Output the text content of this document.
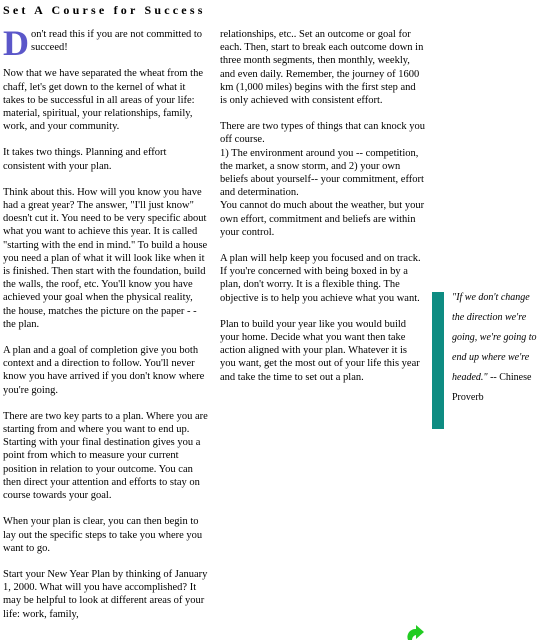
Set A Course for Success

Don't read this if you are not committed to succeed!

Now that we have separated the wheat from the chaff, let's get down to the kernel of what it takes to be successful in all areas of your life: material, spiritual, your relationships, family, work, and your community.

It takes two things. Planning and effort consistent with your plan.

Think about this. How will you know you have had a great year? The answer, "I'll just know" doesn't cut it. You need to be very specific about what you want to achieve this year. It is called "starting with the end in mind." To build a house you need a plan of what it will look like when it is finished. Then start with the foundation, build the walls, the roof, etc. You'll know you have achieved your goal when the physical reality, the house, matches the picture on the paper - - the plan.

A plan and a goal of completion give you both context and a direction to follow. You'll never know you have arrived if you don't know where you're going.

There are two key parts to a plan. Where you are starting from and where you want to end up. Starting with your final destination gives you a point from which to measure your current position in relation to your outcome. You can then direct your attention and efforts to stay on course towards your goal.

When your plan is clear, you can then begin to lay out the specific steps to take you where you want to go.

Start your New Year Plan by thinking of January 1, 2000. What will you have accomplished? It may be helpful to look at different areas of your life: work, family,

relationships, etc.. Set an outcome or goal for each. Then, start to break each outcome down in three month segments, then monthly, weekly, and even daily. Remember, the journey of 1600 km (1,000 miles) begins with the first step and is only achieved with consistent effort.

There are two types of things that can knock you off course.
1) The environment around you -- competition, the market, a snow storm, and 2) your own beliefs about yourself-- your commitment, effort and determination.
You cannot do much about the weather, but your own effort, commitment and beliefs are within your control.

A plan will help keep you focused and on track. If you're concerned with being boxed in by a plan, don't worry. It is a flexible thing. The objective is to help you achieve what you want.

Plan to build your year like you would build your home. Decide what you want then take action aligned with your plan. Whatever it is you want, get the most out of your life this year and take the time to set out a plan.

"If we don't change the direction we're going, we're going to end up where we're headed." -- Chinese Proverb
